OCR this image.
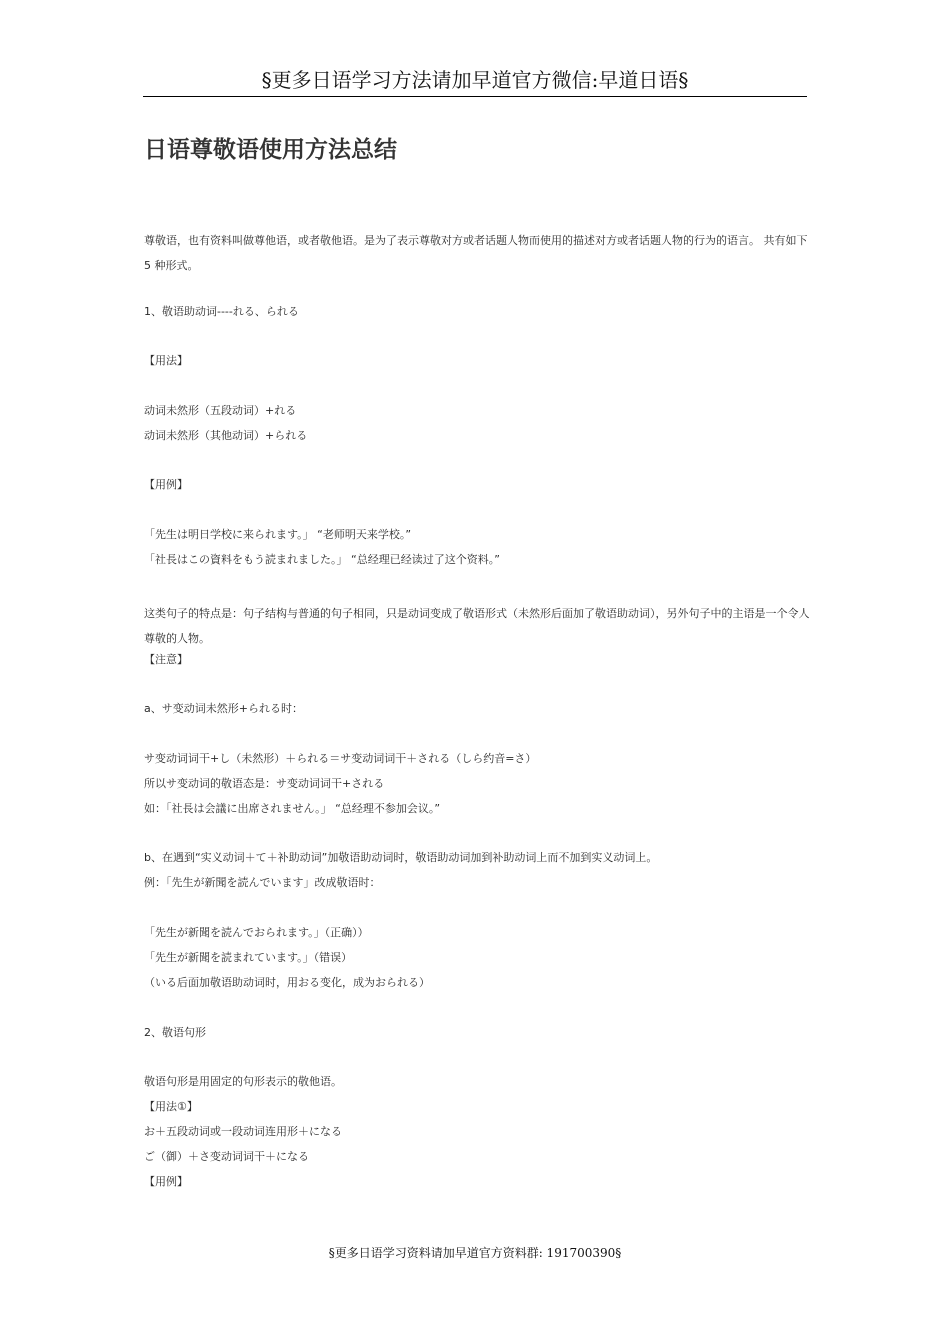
§更多日语学习方法请加早道官方微信:早道日语§
日语尊敬语使用方法总结
尊敬语，也有资料叫做尊他语，或者敬他语。是为了表示尊敬对方或者话题人物而使用的描述对方或者话题人物的行为的语言。 共有如下 5 种形式。
1、敬语助动词----れる、られる
【用法】
动词未然形（五段动词）+れる
动词未然形（其他动词）+られる
【用例】
「先生は明日学校に来られます。」 “老师明天来学校。”
「社長はこの資料をもう読まれました。」 “总经理已经读过了这个资料。”
这类句子的特点是：句子结构与普通的句子相同，只是动词变成了敬语形式（未然形后面加了敬语助动词），另外句子中的主语是一个令人尊敬的人物。
【注意】
a、サ变动词未然形+られる时：
サ变动词词干+し（未然形）＋られる＝サ变动词词干＋される（しら约音=さ）
所以サ变动词的敬语态是：サ变动词词干+される
如：「社長は会議に出席されません。」 “总经理不参加会议。”
b、在遇到“实义动词＋て＋补助动词”加敬语助动词时，敬语助动词加到补助动词上而不加到实义动词上。
例：「先生が新聞を読んでいます」改成敬语时：
「先生が新聞を読んでおられます。」（正确））
「先生が新聞を読まれています。」（错误）
（いる后面加敬语助动词时，用おる变化，成为おられる）
2、敬语句形
敬语句形是用固定的句形表示的敬他语。
【用法①】
お＋五段动词或一段动词连用形＋になる
ご（御）＋さ变动词词干＋になる
【用例】
§更多日语学习资料请加早道官方资料群: 191700390§
